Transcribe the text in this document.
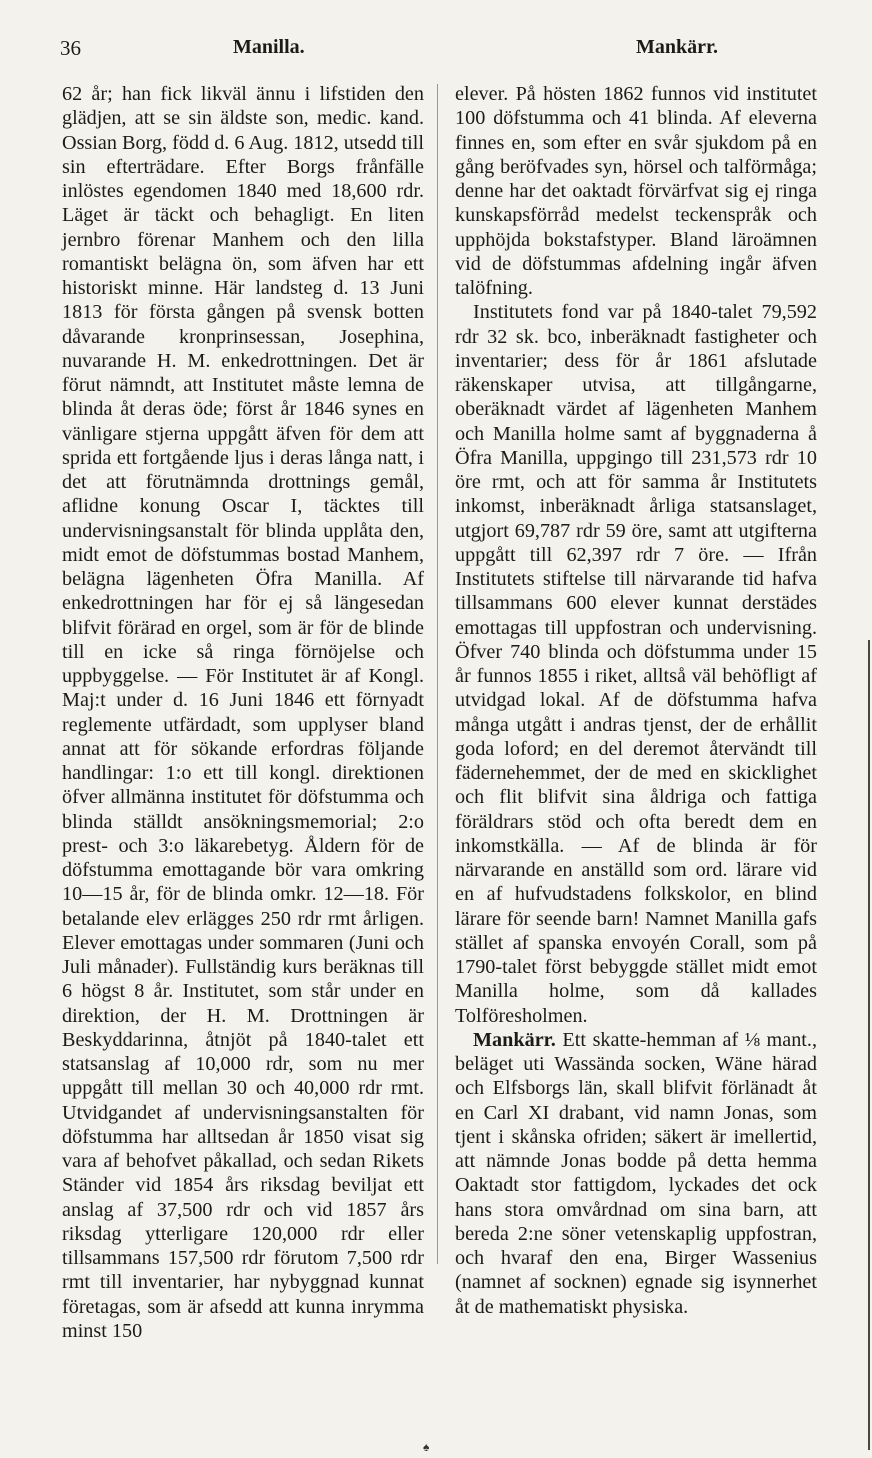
36	Manilla.	Mankärr.

62 år; han fick likväl ännu i lifstiden den glädjen, att se sin äldste son, medic. kand. Ossian Borg, född d. 6 Aug. 1812, utsedd till sin efterträdare. Efter Borgs frånfälle inlöstes egendomen 1840 med 18,600 rdr. Läget är täckt och behagligt. En liten jernbro förenar Manhem och den lilla romantiskt belägna ön, som äfven har ett historiskt minne. Här landsteg d. 13 Juni 1813 för första gången på svensk botten dåvarande kronprinsessan, Josephina, nuvarande H. M. enkedrottningen. Det är förut nämndt, att Institutet måste lemna de blinda åt deras öde; först år 1846 synes en vänligare stjerna uppgått äfven för dem att sprida ett fortgående ljus i deras långa natt, i det att förutnämnda drottnings gemål, aflidne konung Oscar I, täcktes till undervisningsanstalt för blinda upplåta den, midt emot de döfstummas bostad Manhem, belägna lägenheten Öfra Manilla. Af enkedrottningen har för ej så längesedan blifvit förärad en orgel, som är för de blinde till en icke så ringa förnöjelse och uppbyggelse. — För Institutet är af Kongl. Maj:t under d. 16 Juni 1846 ett förnyadt reglemente utfärdadt, som upplyser bland annat att för sökande erfordras följande handlingar: 1:o ett till kongl. direktionen öfver allmänna institutet för döfstumma och blinda ställdt ansökningsmemorial; 2:o prest- och 3:o läkarebetyg. Åldern för de döfstumma emottagande bör vara omkring 10—15 år, för de blinda omkr. 12—18. För betalande elev erlägges 250 rdr rmt årligen. Elever emottagas under sommaren (Juni och Juli månader). Fullständig kurs beräknas till 6 högst 8 år. Institutet, som står under en direktion, der H. M. Drottningen är Beskyddarinna, åtnjöt på 1840-talet ett statsanslag af 10,000 rdr, som nu mer uppgått till mellan 30 och 40,000 rdr rmt. Utvidgandet af undervisningsanstalten för döfstumma har alltsedan år 1850 visat sig vara af behofvet påkallad, och sedan Rikets Ständer vid 1854 års riksdag beviljat ett anslag af 37,500 rdr och vid 1857 års riksdag ytterligare 120,000 rdr eller tillsammans 157,500 rdr förutom 7,500 rdr rmt till inventarier, har nybyggnad kunnat företagas, som är afsedd att kunna inrymma minst 150

elever. På hösten 1862 funnos vid institutet 100 döfstumma och 41 blinda. Af eleverna finnes en, som efter en svår sjukdom på en gång beröfvades syn, hörsel och talförmåga; denne har det oaktadt förvärfvat sig ej ringa kunskapsförråd medelst teckenspråk och upphöjda bokstafstyper. Bland läroämnen vid de döfstummas afdelning ingår äfven talöfning.

Institutets fond var på 1840-talet 79,592 rdr 32 sk. bco, inberäknadt fastigheter och inventarier; dess för år 1861 afslutade räkenskaper utvisa, att tillgångarne, oberäknadt värdet af lägenheten Manhem och Manilla holme samt af byggnaderna å Öfra Manilla, uppgingo till 231,573 rdr 10 öre rmt, och att för samma år Institutets inkomst, inberäknadt årliga statsanslaget, utgjort 69,787 rdr 59 öre, samt att utgifterna uppgått till 62,397 rdr 7 öre. — Ifrån Institutets stiftelse till närvarande tid hafva tillsammans 600 elever kunnat derstädes emottagas till uppfostran och undervisning. Öfver 740 blinda och döfstumma under 15 år funnos 1855 i riket, alltså väl behöfligt af utvidgad lokal. Af de döfstumma hafva många utgått i andras tjenst, der de erhållit goda loford; en del deremot återvändt till fädernehemmet, der de med en skicklighet och flit blifvit sina åldriga och fattiga föräldrars stöd och ofta beredt dem en inkomstkälla. — Af de blinda är för närvarande en anställd som ord. lärare vid en af hufvudstadens folkskolor, en blind lärare för seende barn! Namnet Manilla gafs stället af spanska envoyén Corall, som på 1790-talet först bebyggde stället midt emot Manilla holme, som då kallades Tolföresholmen.

Mankärr. Ett skatte-hemman af ⅛ mant., beläget uti Wassända socken, Wäne härad och Elfsborgs län, skall blifvit förlänadt åt en Carl XI drabant, vid namn Jonas, som tjent i skånska ofriden; säkert är imellertid, att nämnde Jonas bodde på detta hemma Oaktadt stor fattigdom, lyckades det ock hans stora omvårdnad om sina barn, att bereda 2:ne söner vetenskaplig uppfostran, och hvaraf den ena, Birger Wassenius (namnet af socknen) egnade sig isynnerhet åt de mathematiskt physiska.

♠
